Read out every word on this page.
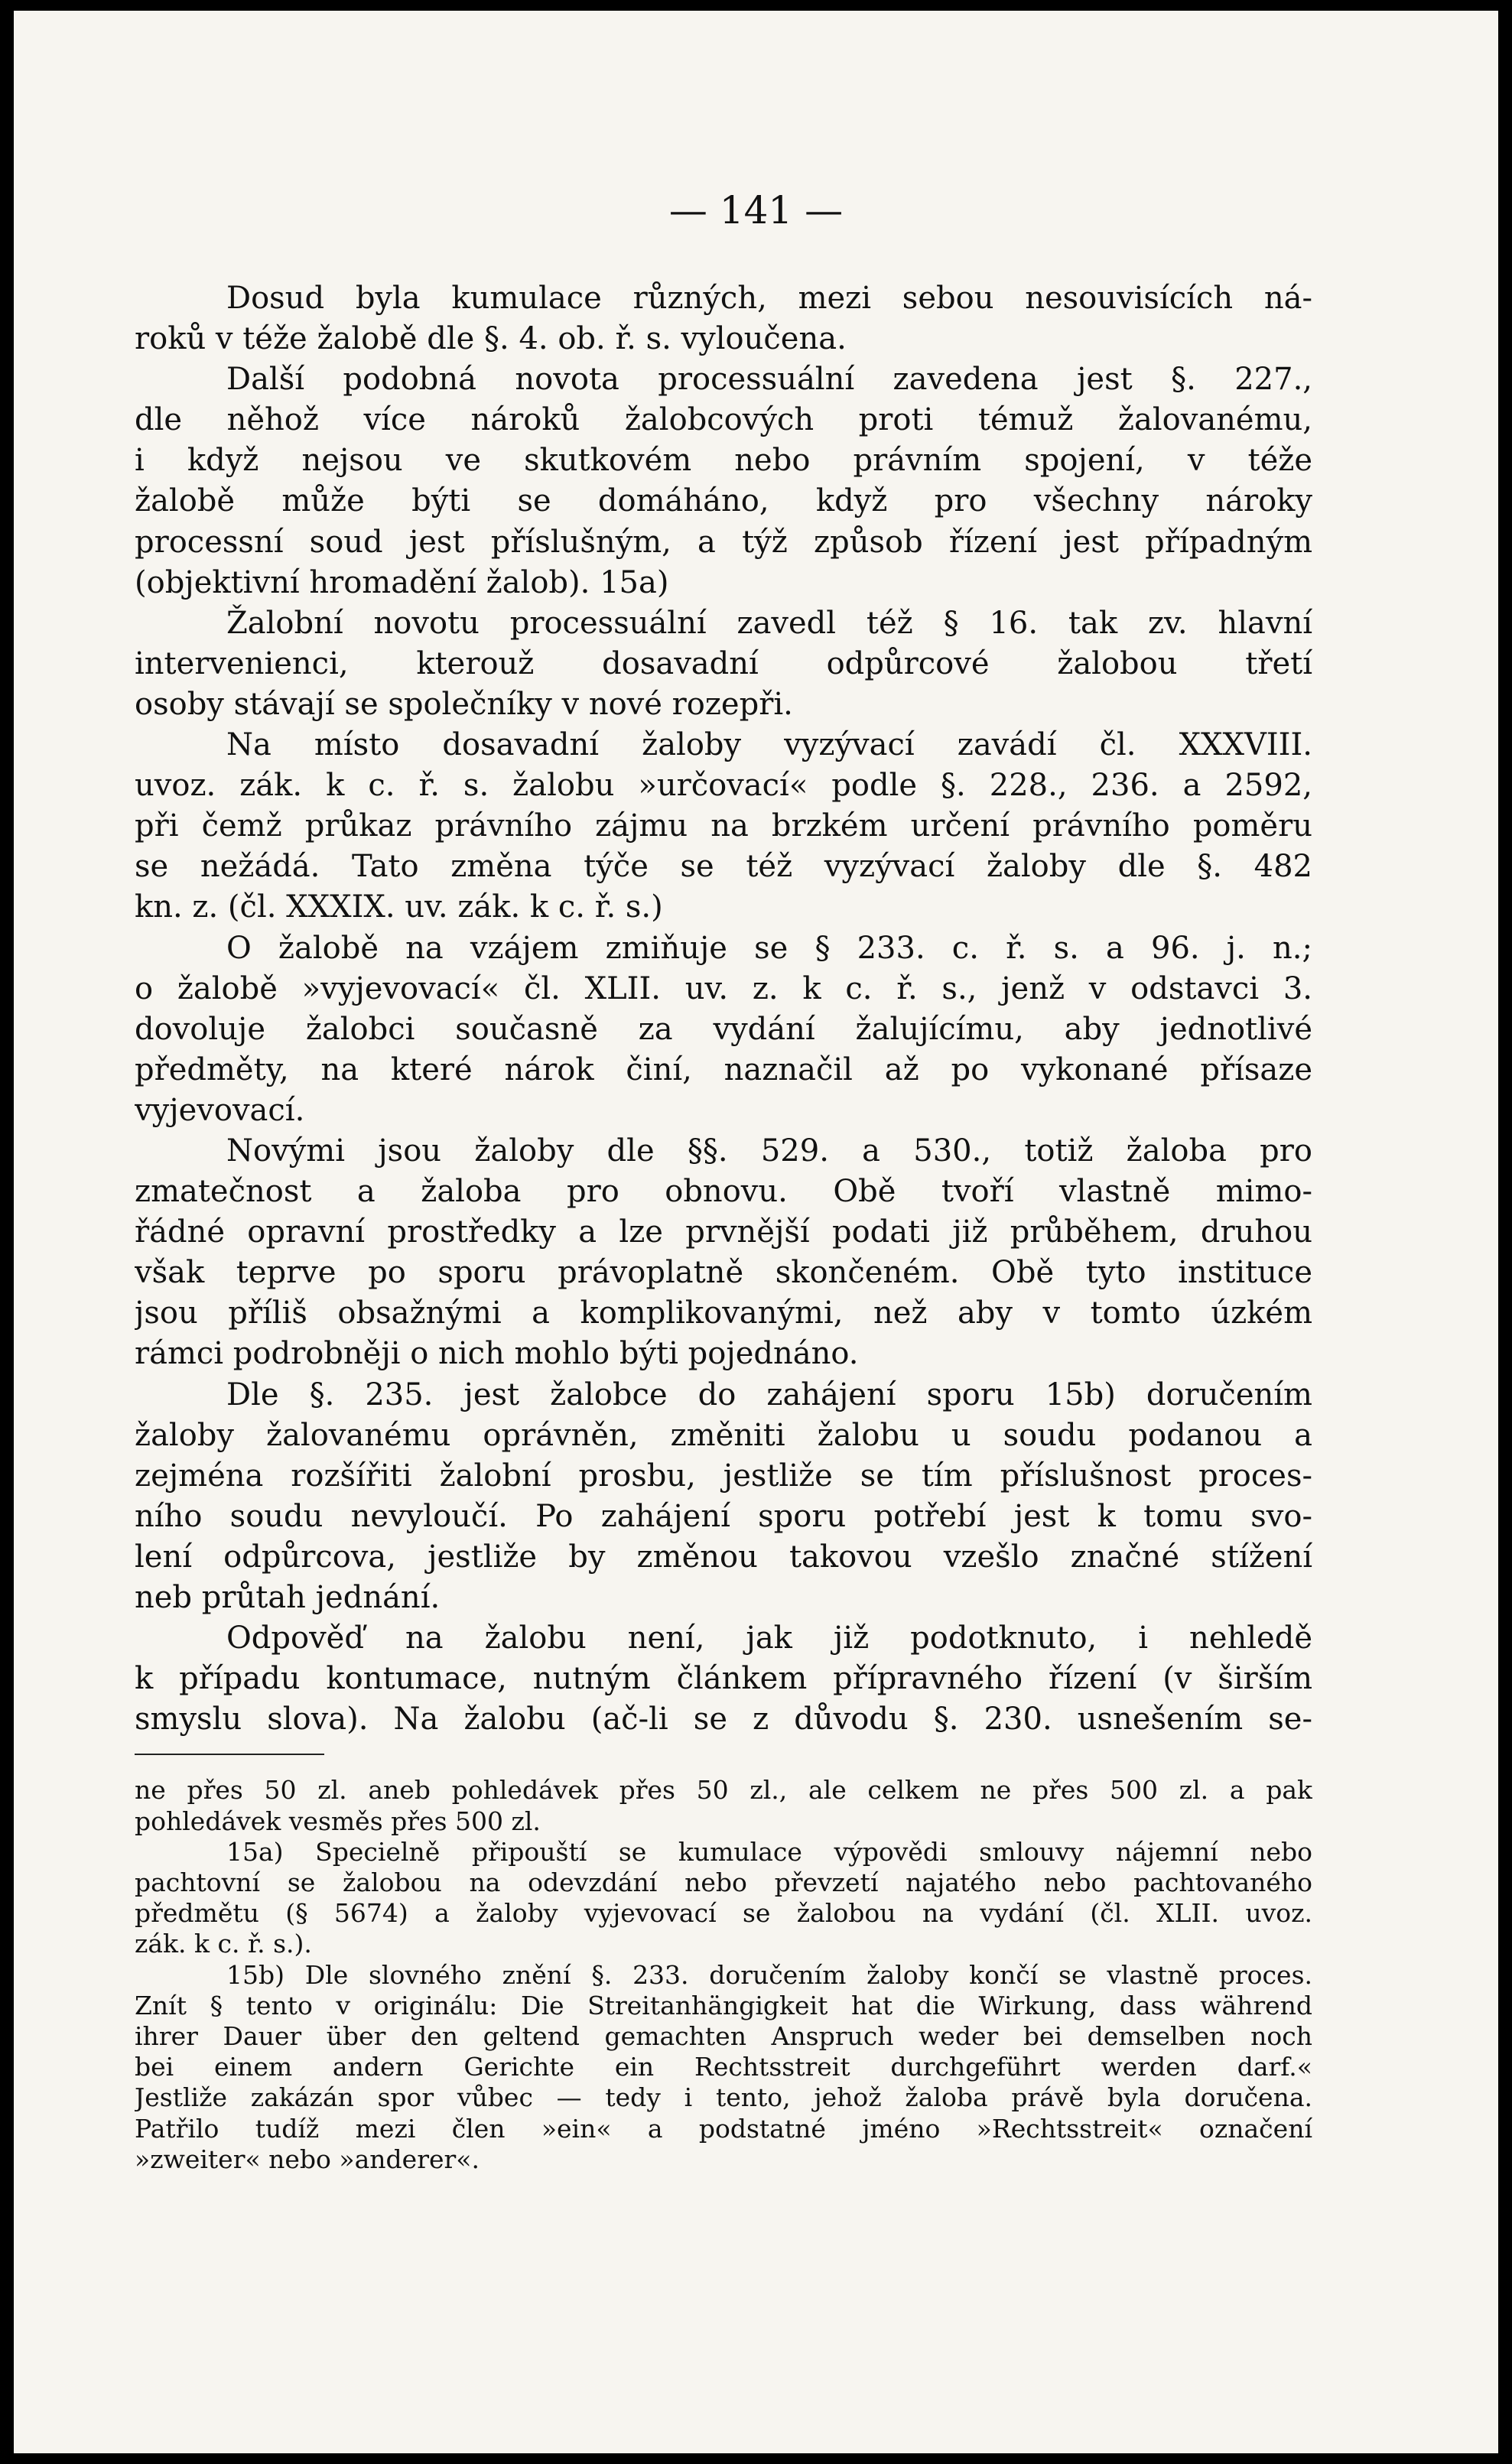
— 141 —
Dosud byla kumulace různých, mezi sebou nesouvisících ná-
roků v téže žalobě dle §. 4. ob. ř. s. vyloučena.
Další podobná novota processuální zavedena jest §. 227.,
dle něhož více nároků žalobcových proti témuž žalovanému,
i když nejsou ve skutkovém nebo právním spojení, v téže
žalobě může býti se domáháno, když pro všechny nároky
processní soud jest příslušným, a týž způsob řízení jest případným
(objektivní hromadění žalob). 15a)
Žalobní novotu processuální zavedl též § 16. tak zv. hlavní
intervenienci, kterouž dosavadní odpůrcové žalobou třetí
osoby stávají se společníky v nové rozepři.
Na místo dosavadní žaloby vyzývací zavádí čl. XXXVIII.
uvoz. zák. k c. ř. s. žalobu »určovací« podle §. 228., 236. a 2592,
při čemž průkaz právního zájmu na brzkém určení právního poměru
se nežádá. Tato změna týče se též vyzývací žaloby dle §. 482
kn. z. (čl. XXXIX. uv. zák. k c. ř. s.)
O žalobě na vzájem zmiňuje se § 233. c. ř. s. a 96. j. n.;
o žalobě »vyjevovací« čl. XLII. uv. z. k c. ř. s., jenž v odstavci 3.
dovoluje žalobci současně za vydání žalujícímu, aby jednotlivé
předměty, na které nárok činí, naznačil až po vykonané přísaze
vyjevovací.
Novými jsou žaloby dle §§. 529. a 530., totiž žaloba pro
zmatečnost a žaloba pro obnovu. Obě tvoří vlastně mimo-
řádné opravní prostředky a lze prvnější podati již průběhem, druhou
však teprve po sporu právoplatně skončeném. Obě tyto instituce
jsou příliš obsažnými a komplikovanými, než aby v tomto úzkém
rámci podrobněji o nich mohlo býti pojednáno.
Dle §. 235. jest žalobce do zahájení sporu 15b) doručením
žaloby žalovanému oprávněn, změniti žalobu u soudu podanou a
zejména rozšířiti žalobní prosbu, jestliže se tím příslušnost proces-
ního soudu nevyloučí. Po zahájení sporu potřebí jest k tomu svo-
lení odpůrcova, jestliže by změnou takovou vzešlo značné stížení
neb průtah jednání.
Odpověď na žalobu není, jak již podotknuto, i nehledě
k případu kontumace, nutným článkem přípravného řízení (v širším
smyslu slova). Na žalobu (ač-li se z důvodu §. 230. usnešením se-
ne přes 50 zl. aneb pohledávek přes 50 zl., ale celkem ne přes 500 zl. a pak
pohledávek vesměs přes 500 zl.
15a) Specielně připouští se kumulace výpovědi smlouvy nájemní nebo
pachtovní se žalobou na odevzdání nebo převzetí najatého nebo pachtovaného
předmětu (§ 5674) a žaloby vyjevovací se žalobou na vydání (čl. XLII. uvoz.
zák. k c. ř. s.).
15b) Dle slovného znění §. 233. doručením žaloby končí se vlastně proces.
Znít § tento v originálu: Die Streitanhängigkeit hat die Wirkung, dass während
ihrer Dauer über den geltend gemachten Anspruch weder bei demselben noch
bei einem andern Gerichte ein Rechtsstreit durchgeführt werden darf.«
Jestliže zakázán spor vůbec — tedy i tento, jehož žaloba právě byla doručena.
Patřilo tudíž mezi člen »ein« a podstatné jméno »Rechtsstreit« označení
»zweiter« nebo »anderer«.
